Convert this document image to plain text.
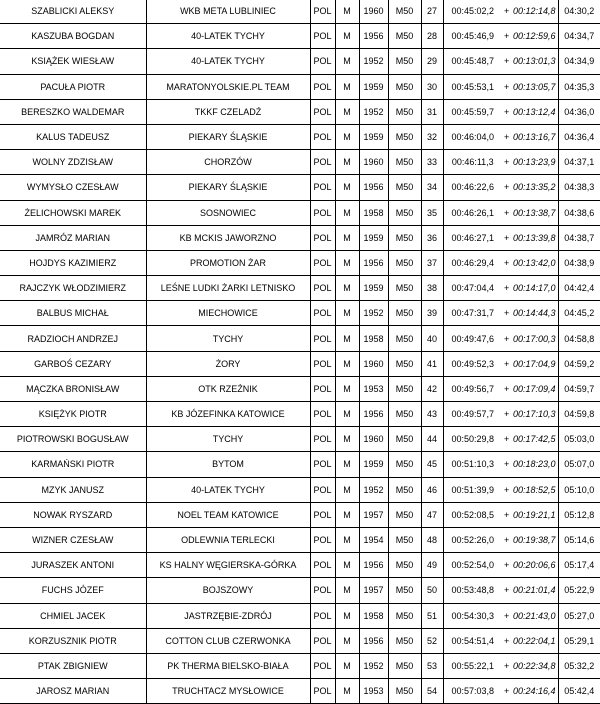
SZABLICKI ALEKSY	WKB META LUBLINIEC	POL	M	1960	M50	27	00:45:02,2	+	00:12:14,8	04:30,2
KASZUBA BOGDAN	40-LATEK TYCHY	POL	M	1956	M50	28	00:45:46,9	+	00:12:59,6	04:34,7
KSIĄŻEK WIESŁAW	40-LATEK TYCHY	POL	M	1952	M50	29	00:45:48,7	+	00:13:01,3	04:34,9
PACUŁA PIOTR	MARATONYOLSKIE.PL TEAM	POL	M	1959	M50	30	00:45:53,1	+	00:13:05,7	04:35,3
BERESZKO WALDEMAR	TKKF CZELADŹ	POL	M	1952	M50	31	00:45:59,7	+	00:13:12,4	04:36,0
KALUS TADEUSZ	PIEKARY ŚLĄSKIE	POL	M	1959	M50	32	00:46:04,0	+	00:13:16,7	04:36,4
WOLNY ZDZISŁAW	CHORZÓW	POL	M	1960	M50	33	00:46:11,3	+	00:13:23,9	04:37,1
WYMYSŁO CZESŁAW	PIEKARY ŚLĄSKIE	POL	M	1956	M50	34	00:46:22,6	+	00:13:35,2	04:38,3
ŻELICHOWSKI MAREK	SOSNOWIEC	POL	M	1958	M50	35	00:46:26,1	+	00:13:38,7	04:38,6
JAMRÓZ MARIAN	KB MCKIS JAWORZNO	POL	M	1959	M50	36	00:46:27,1	+	00:13:39,8	04:38,7
HOJDYS KAZIMIERZ	PROMOTION ŻAR	POL	M	1956	M50	37	00:46:29,4	+	00:13:42,0	04:38,9
RAJCZYK WŁODZIMIERZ	LEŚNE LUDKI ŻARKI LETNISKO	POL	M	1959	M50	38	00:47:04,4	+	00:14:17,0	04:42,4
BALBUS MICHAŁ	MIECHOWICE	POL	M	1952	M50	39	00:47:31,7	+	00:14:44,3	04:45,2
RADZIOCH ANDRZEJ	TYCHY	POL	M	1958	M50	40	00:49:47,6	+	00:17:00,3	04:58,8
GARBOŚ CEZARY	ŻORY	POL	M	1960	M50	41	00:49:52,3	+	00:17:04,9	04:59,2
MĄCZKA BRONISŁAW	OTK RZEŹNIK	POL	M	1953	M50	42	00:49:56,7	+	00:17:09,4	04:59,7
KSIĘŻYK PIOTR	KB JÓZEFINKA KATOWICE	POL	M	1956	M50	43	00:49:57,7	+	00:17:10,3	04:59,8
PIOTROWSKI BOGUSŁAW	TYCHY	POL	M	1960	M50	44	00:50:29,8	+	00:17:42,5	05:03,0
KARMAŃSKI PIOTR	BYTOM	POL	M	1959	M50	45	00:51:10,3	+	00:18:23,0	05:07,0
MZYK JANUSZ	40-LATEK TYCHY	POL	M	1952	M50	46	00:51:39,9	+	00:18:52,5	05:10,0
NOWAK RYSZARD	NOEL TEAM KATOWICE	POL	M	1957	M50	47	00:52:08,5	+	00:19:21,1	05:12,8
WIZNER CZESŁAW	ODLEWNIA TERLECKI	POL	M	1954	M50	48	00:52:26,0	+	00:19:38,7	05:14,6
JURASZEK ANTONI	KS HALNY WĘGIERSKA-GÓRKA	POL	M	1956	M50	49	00:52:54,0	+	00:20:06,6	05:17,4
FUCHS JÓZEF	BOJSZOWY	POL	M	1957	M50	50	00:53:48,8	+	00:21:01,4	05:22,9
CHMIEL JACEK	JASTRZĘBIE-ZDRÓJ	POL	M	1958	M50	51	00:54:30,3	+	00:21:43,0	05:27,0
KORZUSZNIK PIOTR	COTTON CLUB CZERWONKA	POL	M	1956	M50	52	00:54:51,4	+	00:22:04,1	05:29,1
PTAK ZBIGNIEW	PK THERMA BIELSKO-BIAŁA	POL	M	1952	M50	53	00:55:22,1	+	00:22:34,8	05:32,2
JAROSZ MARIAN	TRUCHTACZ MYSŁOWICE	POL	M	1953	M50	54	00:57:03,8	+	00:24:16,4	05:42,4
